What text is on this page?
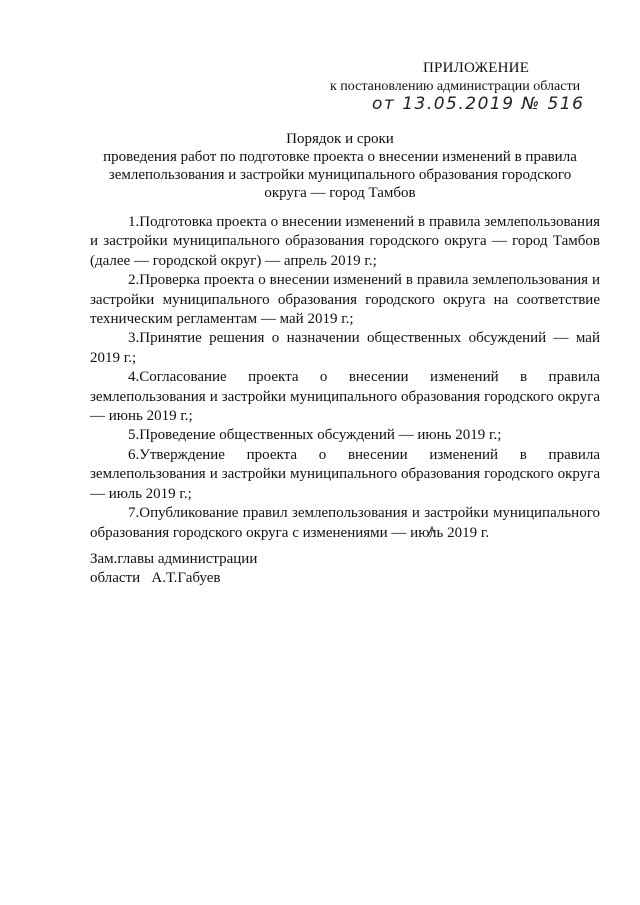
ПРИЛОЖЕНИЕ
к постановлению администрации области
от 13.05.2019 № 516
Порядок и сроки
проведения работ по подготовке проекта о внесении изменений в правила землепользования и застройки муниципального образования городского округа — город Тамбов

1.Подготовка проекта о внесении изменений в правила землепользования и застройки муниципального образования городского округа — город Тамбов (далее — городской округ) — апрель 2019 г.;

2.Проверка проекта о внесении изменений в правила землепользования и застройки муниципального образования городского округа на соответствие техническим регламентам — май 2019 г.;

3.Принятие решения о назначении общественных обсуждений — май 2019 г.;

4.Согласование проекта о внесении изменений в правила землепользования и застройки муниципального образования городского округа — июнь 2019 г.;

5.Проведение общественных обсуждений — июнь 2019 г.;

6.Утверждение проекта о внесении изменений в правила землепользования и застройки муниципального образования городского округа — июль 2019 г.;

7.Опубликование правил землепользования и застройки муниципального образования городского округа с изменениями — июль 2019 г.

Зам.главы администрации
области А.Т.Габуев
